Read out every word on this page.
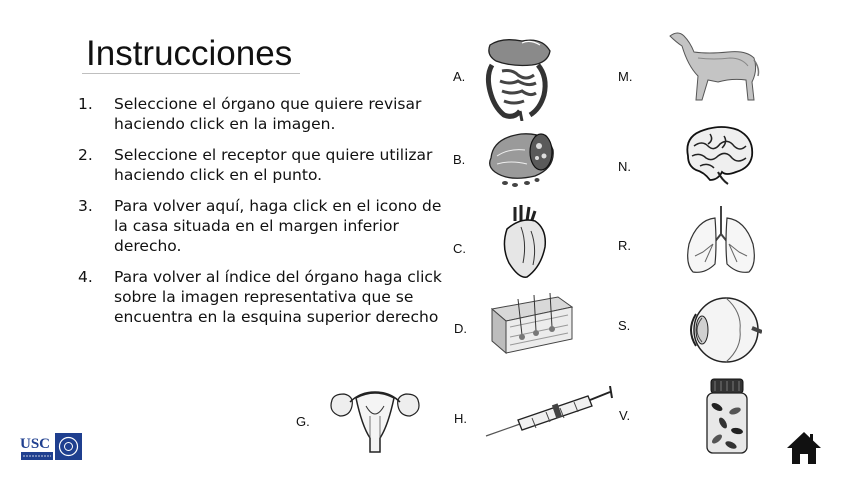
Instrucciones
1. Seleccione el órgano que quiere revisar haciendo click en la imagen.
2. Seleccione el receptor que quiere utilizar haciendo click en el punto.
3. Para volver aquí, haga click en el icono de la casa situada en el margen inferior derecho.
4. Para volver al índice del órgano haga click sobre la imagen representativa que se encuentra en la esquina superior derecho
A.
B.
C.
D.
G.	H.
M.
N.
R.
S.
V.
USC
